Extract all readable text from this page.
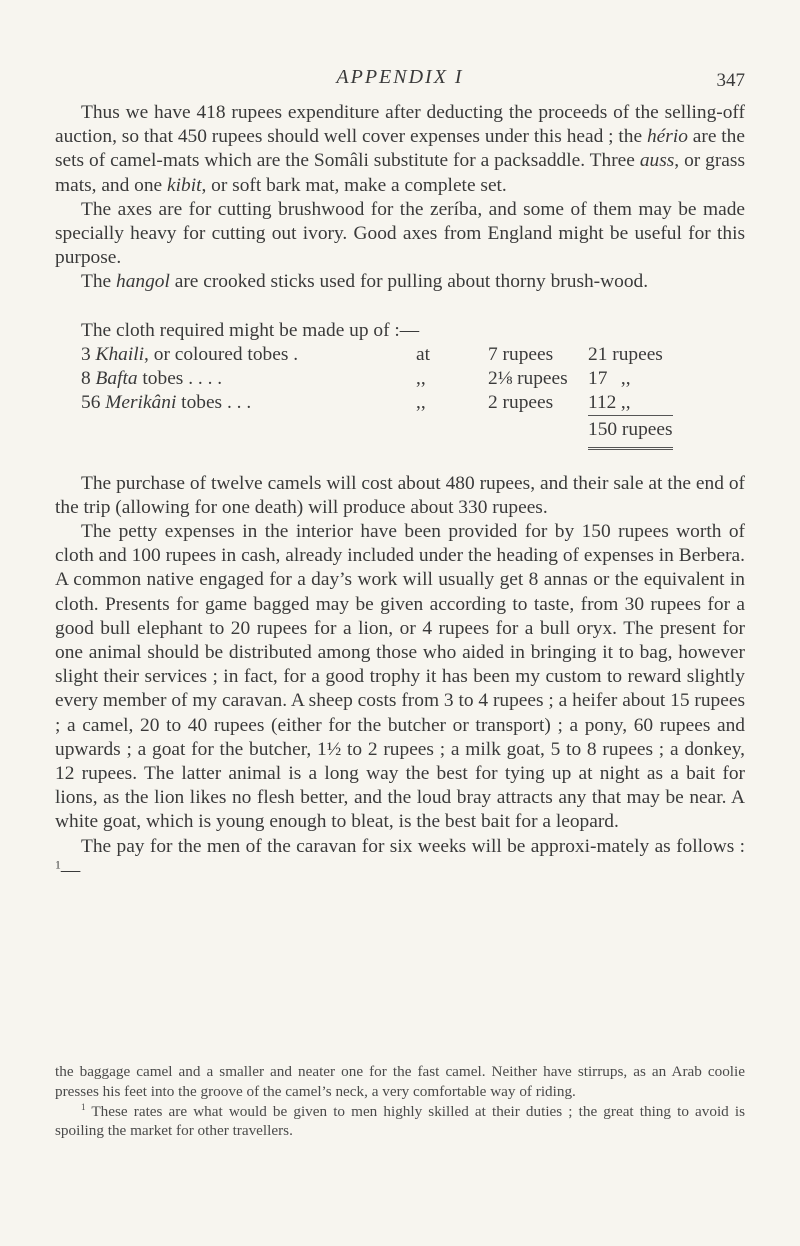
APPENDIX I	347

Thus we have 418 rupees expenditure after deducting the proceeds of the selling-off auction, so that 450 rupees should well cover expenses under this head ; the hério are the sets of camel-mats which are the Somâli substitute for a packsaddle. Three auss, or grass mats, and one kibit, or soft bark mat, make a complete set.

The axes are for cutting brushwood for the zeríba, and some of them may be made specially heavy for cutting out ivory. Good axes from England might be useful for this purpose.

The hangol are crooked sticks used for pulling about thorny brush-wood.

The cloth required might be made up of :—

3 Khaili, or coloured tobes .	at	7 rupees	21 rupees
8 Bafta tobes . . . .	,,	2⅛ rupees	17 ,,
56 Merikâni tobes . . .	,,	2 rupees	112 ,,
			150 rupees

The purchase of twelve camels will cost about 480 rupees, and their sale at the end of the trip (allowing for one death) will produce about 330 rupees.

The petty expenses in the interior have been provided for by 150 rupees worth of cloth and 100 rupees in cash, already included under the heading of expenses in Berbera. A common native engaged for a day’s work will usually get 8 annas or the equivalent in cloth. Presents for game bagged may be given according to taste, from 30 rupees for a good bull elephant to 20 rupees for a lion, or 4 rupees for a bull oryx. The present for one animal should be distributed among those who aided in bringing it to bag, however slight their services ; in fact, for a good trophy it has been my custom to reward slightly every member of my caravan. A sheep costs from 3 to 4 rupees ; a heifer about 15 rupees ; a camel, 20 to 40 rupees (either for the butcher or transport) ; a pony, 60 rupees and upwards ; a goat for the butcher, 1½ to 2 rupees ; a milk goat, 5 to 8 rupees ; a donkey, 12 rupees. The latter animal is a long way the best for tying up at night as a bait for lions, as the lion likes no flesh better, and the loud bray attracts any that may be near. A white goat, which is young enough to bleat, is the best bait for a leopard.

The pay for the men of the caravan for six weeks will be approxi-mately as follows : $^1$—

the baggage camel and a smaller and neater one for the fast camel. Neither have stirrups, as an Arab coolie presses his feet into the groove of the camel’s neck, a very comfortable way of riding.

$^1$ These rates are what would be given to men highly skilled at their duties ; the great thing to avoid is spoiling the market for other travellers.
